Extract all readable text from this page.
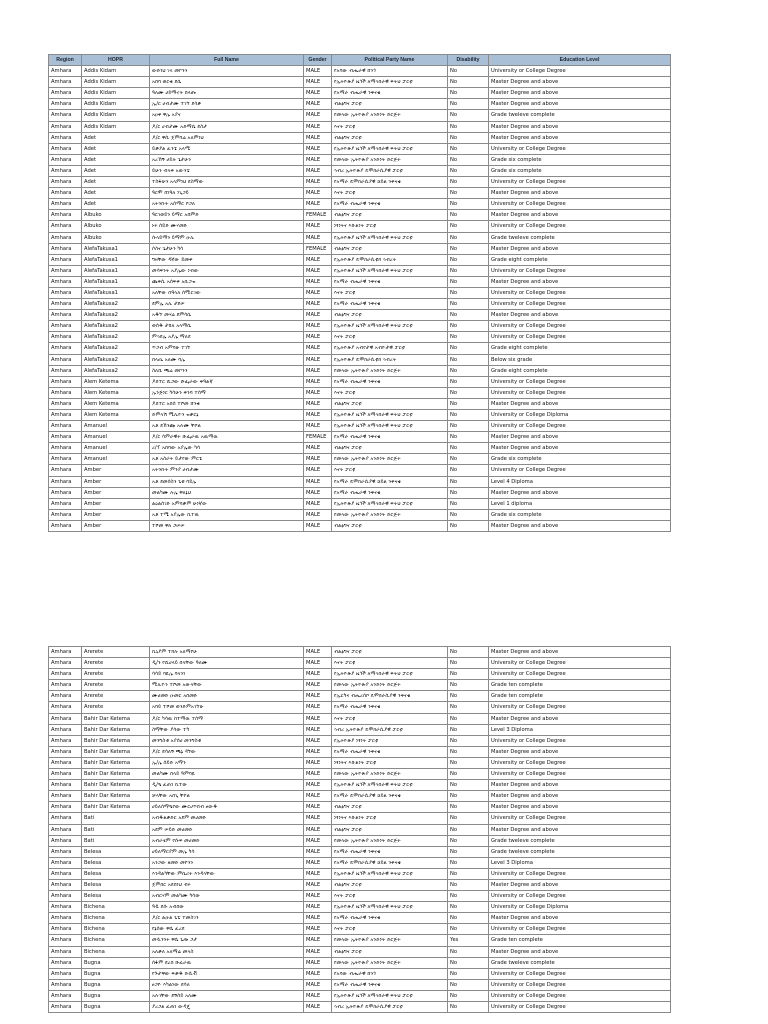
Region	HOPR	Full Name	Gender	Political Party Name	Disability	Education Level
Amhara	Addis Kidam	ውድነህ ገላ መኮንን	MALE	የአባው ብሔራዊ ሸንጎ	No	University or College Degree
Amhara	Addis Kidam	አበባ ወርቁ ደሴ	MALE	የኢትዮጵያ ዜጎች ለማኅበራዊ ፍትህ ፓርቲ	No	Master Degree and above
Amhara	Addis Kidam	ዓለሙ ሀይማኖት በላጡ	MALE	የአማራ ብሔራዊ ንቅናቄ	No	Master Degree and above
Amhara	Addis Kidam	ኢ/ር ሀብታሙ ተገኘ ደሳቃ	MALE	ብልፅግና ፓርቲ	No	Master Degree and above
Amhara	Addis Kidam	አዐቀ ዋሌ አያና	MALE	የመላው ኢትዮጵያ አንድነት ድርጅት	No	Grade tweleve complete
Amhara	Addis Kidam	ዶ/ር ሀብታሙ አድማሴ ደስታ	MALE	እናት ፓርቲ	No	Master Degree and above
Amhara	Adet	ዶ/ር ዋሲ ጀምባሬ አለምነህ	MALE	ብልፅግና ፓርቲ	No	Master Degree and above
Amhara	Adet	ይቃያል ፈንቴ አላሜ	MALE	የኢትዮጵያ ዜጎች ለማኅበራዊ ፍትህ ፓርቲ	No	University or College Degree
Amhara	Adet	አረኸኝ ሀይሉ ጌታሁን	MALE	የመላው ኢትዮጵያ አንድነት ድርጅት	No	Grade six complete
Amhara	Adet	ይሁን ብላቀ አውንቴ	MALE	ኅብረ ኢትዮጵያ ዴሞክራሲያዊ ፓርቲ	No	Grade six complete
Amhara	Adet	ተስፋሁን አላምነህ ደስማው	MALE	የአማራ ዴሞክራሲያዊ ኃይል ንቅናቄ	No	University or College Degree
Amhara	Adet	ዓርሞ በነዓለ ነጊጋይ	MALE	እናት ፓርቲ	No	Master Degree and above
Amhara	Adet	አትንኩት አሰማር ቦጋለ	MALE	የአማራ ብሔራዊ ንቅናቄ	No	University or College Degree
Amhara	Albuko	ዓርገወይን ይማር አበምድ	FEMALE	ብልፅግና ፓርቲ	No	Master Degree and above
Amhara	Albuko	ኑሩ ሰይድ ሙሃመድ	MALE	ነፃነትና እኩልነት ፓርቲ	No	University or College Degree
Amhara	Albuko	ሱላይማን ይማም ዑሊ	MALE	የኢትዮጵያ ዜጎች ለማኅበራዊ ፍትህ ፓርቲ	No	Grade tweleve complete
Amhara	AlefaTakusa1	ሶስና ጌታሁን ካሳ	FEMALE	ብልፅግና ፓርቲ	No	Master Degree and above
Amhara	AlefaTakusa1	ግዛቸው ዳኛው ይመቀ	MALE	የኢትዮጵያ ዴሞክራሲቲክ ኅብረት	No	Grade eight complete
Amhara	AlefaTakusa1	መሳፍንት አያሌው ነብው	MALE	የኢትዮጵያ ዜጎች ለማኅበራዊ ፍትህ ፓርቲ	No	University or College Degree
Amhara	AlefaTakusa1	ጨቅሲ አሰፍቀ አቢጋዝ	MALE	የአማራ ብሔራዊ ንቅናቄ	No	Master Degree and above
Amhara	AlefaTakusa1	አለቸው በዓላለ ሰሚርገው	MALE	እናት ፓርቲ	No	University or College Degree
Amhara	AlefaTakusa2	ደምሌ አሊ ታደሠ	MALE	የአማራ ብሔራዊ ንቅናቄ	No	University or College Degree
Amhara	AlefaTakusa2	አዱኘ መሃሬ ደምሳሴ	MALE	ብልፅግና ፓርቲ	No	Master Degree and above
Amhara	AlefaTakusa2	ወሰዱ ታከለ አላማሴ	MALE	የኢትዮጵያ ዜጎች ለማኅበራዊ ፍትህ ፓርቲ	No	University or College Degree
Amhara	AlefaTakusa2	ምኅደሌ አያሌ ማለደ	MALE	እናት ፓርቲ	No	University or College Degree
Amhara	AlefaTakusa2	ጥጋብ አምባሁ ተገኘ	MALE	የኢትዮጵያ አብየታዊ አብዮታዊ ፓርቲ	No	Grade eight complete
Amhara	AlefaTakusa2	በላጤ አለሙ ባሌ	MALE	የኢትዮጵያ ዴሞክራሲቲክ ኅብረት	No	Below six grade
Amhara	AlefaTakusa2	ስለሺ ጫሬ መኮንን	MALE	የመላው ኢትዮጵያ አንድነት ድርጅት	No	Grade eight complete
Amhara	Alem Ketema	ዶክተር ሺጋው ሹፌራው ቀዓልኛ	MALE	የአማራ ብሔራዊ ንቅናቄ	No	University or College Degree
Amhara	Alem Ketema	ኢንጅነር ካሳሁን ቅንባ ተሰማ	MALE	እናት ፓርቲ	No	University or College Degree
Amhara	Alem Ketema	ዶክተር አበሰ ተሾመ ሸንቁ	MALE	ብልፅግና ፓርቲ	No	Master Degree and above
Amhara	Alem Ketema	ድምላሽ ሚሊዮን ዝቃርኔ	MALE	የኢትዮጵያ ዜጎች ለማኅበራዊ ፍትህ ፓርቲ	No	University or College Diploma
Amhara	Amanuel	አቶ ደኸንጩ አሉሙ ቸቦል	MALE	የኢትዮጵያ ዜጎች ለማኅበራዊ ፍትህ ፓርቲ	No	University or College Degree
Amhara	Amanuel	ዶ/ር ሳምራዊት ሹፌራዉ አዉማዉ	FEMALE	የአማራ ብሔራዊ ንቅናቄ	No	Master Degree and above
Amhara	Amanuel	ረ/ፕ አበባው አያሌው ካሳ	MALE	ብልፅግና ፓርቲ	No	Master Degree and above
Amhara	Amanuel	አቶ አስራት ይታየው ምርቴ	MALE	የመላው ኢትዮጵያ አንድነት ድርጅት	No	Grade six complete
Amhara	Amber	አትንኩት ምንያ ሀብታሙ	MALE	እናት ፓርቲ	No	University or College Degree
Amhara	Amber	አቶ ደመሰስን ጌቱ ባይሌ	MALE	የአማራ ዴሞክራሲያዊ ኃይል ንቅናቄ	No	Level 4 Diploma
Amhara	Amber	መልካሙ ሉሌ ዋለኔህ	MALE	የአማራ ብሔራዊ ንቅናቄ	No	Master Degree and above
Amhara	Amber	ልዕልሰገድ አምባቃም ሁነኛው	MALE	የኢትዮጵያ ዜጎች ለማኅበራዊ ፍትህ ፓርቲ	No	Level 1 diploma
Amhara	Amber	አቶ ተሜ አያሌው ቢተዉ	MALE	የመላው ኢትዮጵያ አንድነት ድርጅት	No	Grade six complete
Amhara	Amber	ተሾመ ዋለ ጋሠሠ	MALE	ብልፅግና ፓርቲ	No	Master Degree and above
Amhara	Arerete	ቢኒያም ተክሉ አለማየሁ	MALE	ብልፅግና ፓርቲ	No	Master Degree and above
Amhara	Arerete	ዲ/ን የሺሀላይ በላቸው ዓለሙ	MALE	እናት ፓርቲ	No	University or College Degree
Amhara	Arerete	ሳሳይ ባዬሌ ባላንነ	MALE	የኢትዮጵያ ዜጎች ለማኅበራዊ ፍትህ ፓርቲ	No	University or College Degree
Amhara	Arerete	ሚሊዮን ተሾመ አውላቸው	MALE	የመላው ኢትዮጵያ አንድነት ድርጅት	No	Grade ten complete
Amhara	Arerete	ሙሀመድ ዑመር አበመድ	MALE	የኢርካና ብሔረሰቦ ዴሞክራሲያዊ ንቅናቄ	No	Grade ten complete
Amhara	Arerete	አባይ ተሾመ ወንድምአገኘሁ	MALE	የአማራ ብሔራዊ ንቅናቄ	No	University or College Degree
Amhara	Bahir Dar Ketema	ዶ/ር ካሳዉ ከተማዉ ተሰማ	MALE	እናት ፓርቲ	No	Master Degree and above
Amhara	Bahir Dar Ketema	ስማቸው ያሳው ተካ	MALE	ኅብረ ኢትዮጵያ ዴሞክራሲያዊ ፓርቲ	No	Level 3 Diploma
Amhara	Bahir Dar Ketema	መንግስቱ አያሰሀ መንግስቱ	MALE	የኢትዮጵያ ነፃነት ፓርቲ	No	University or College Degree
Amhara	Bahir Dar Ketema	ዶ/ር ደሳለኝ ጫኔ ዳኘው	MALE	የአማራ ብሔራዊ ንቅናቄ	No	Master Degree and above
Amhara	Bahir Dar Ketema	ኢ/ሌ ሰይድ አማን	MALE	ነፃነትና እኩልነት ፓርቲ	No	University or College Degree
Amhara	Bahir Dar Ketema	መልካሙ በላይ ዓምባዬ	MALE	የመላው ኢትዮጵያ አንድነት ድርጅት	No	University or College Degree
Amhara	Bahir Dar Ketema	ዲ/ዔ ፈጠነ ቢተው	MALE	የኢትዮጵያ ዜጎች ለማኅበራዊ ፍትህ ፓርቲ	No	Master Degree and above
Amhara	Bahir Dar Ketema	ቻላቸው አበጊ ቸኮል	MALE	የአማራ ዴሞክራሲያዊ ኃይል ንቅናቄ	No	Master Degree and above
Amhara	Bahir Dar Ketema	ሀይለሰማዔየው ሙርሀጥበብ ፀውዱ	MALE	ብልፅግና ፓርቲ	No	Master Degree and above
Amhara	Bati	አብዱልቃድር አደም መሀመድ	MALE	ነፃነትና እኩልነት ፓርቲ	No	University or College Degree
Amhara	Bati	አደም ሠይድ መሀመድ	MALE	ብልፅግና ፓርቲ	No	Master Degree and above
Amhara	Bati	አብራሂም የሱፍ መሀመድ	MALE	የመላው ኢትዮጵያ አንድነት ድርጅት	No	Grade tweleve complete
Amhara	Belesa	ሀይለማርያም መሌ ካሳ	MALE	የአማራ ብሔራዊ ንቅናቄ	No	Grade tweleve complete
Amhara	Belesa	አንጋው ዘመድ መኮንን	MALE	የአማራ ዴሞክራሲያዊ ኃይል ንቅናቄ	No	Level 3 Diploma
Amhara	Belesa	እንዳልካቸው ምሴሪት እንዳላቸው	MALE	የኢትዮጵያ ዜጎች ለማኅበራዊ ፍትህ ፓርቲ	No	University or College Degree
Amhara	Belesa	ጀምበር አደበነህ ብሩ	MALE	ብልፅግና ፓርቲ	No	Master Degree and above
Amhara	Belesa	አብርሃም መልካሙ ካሳው	MALE	እናት ፓርቲ	No	University or College Degree
Amhara	Bichena	ዓዷ ደሱ አብበው	MALE	የኢትዮጵያ ዜጎች ለማኅበራዊ ፍትህ ፓርቲ	No	University or College Diploma
Amhara	Bichena	ዶ/ር ልዑል ጌቴ ተመስገን	MALE	የአማራ ብሔራዊ ንቅናቄ	No	Master Degree and above
Amhara	Bichena	የኔሰው ዋሴ ፈረደ	MALE	እናት ፓርቲ	No	University or College Degree
Amhara	Bichena	መሷንንት ዋሴ ጌጡ ጋታ	MALE	የመላው ኢትዮጵያ አንድነት ድርጅት	Yes	Grade ten complete
Amhara	Bichena	አለቃለ አለማሬ መላስ	MALE	ብልፅግና ፓርቲ	No	Master Degree and above
Amhara	Bugna	ሰፋም ደረበ ሹፈራዉ	MALE	የመላው ኢትዮጵያ አንድነት ድርጅት	No	Grade tweleve complete
Amhara	Bugna	የጉታዋው ፍቃዱ ቡሲቭ	MALE	የአባው ብሔራዊ ሸንጎ	No	University or College Degree
Amhara	Bugna	ፀጋዮ እካልነው ደሳለ	MALE	የአማራ ብሔራዊ ንቅናቄ	No	University or College Degree
Amhara	Bugna	አሉገቸው ደኝሰይ አለሙ	MALE	የኢትዮጵያ ዜጎች ለማኅበራዊ ፍትህ ፓርቲ	No	University or College Degree
Amhara	Bugna	ያረጋል ፈጠነ ውዳጄ	MALE	ኅብረ ኢትዮጵያ ዴሞክራሲያዊ ፓርቲ	No	University or College Degree
